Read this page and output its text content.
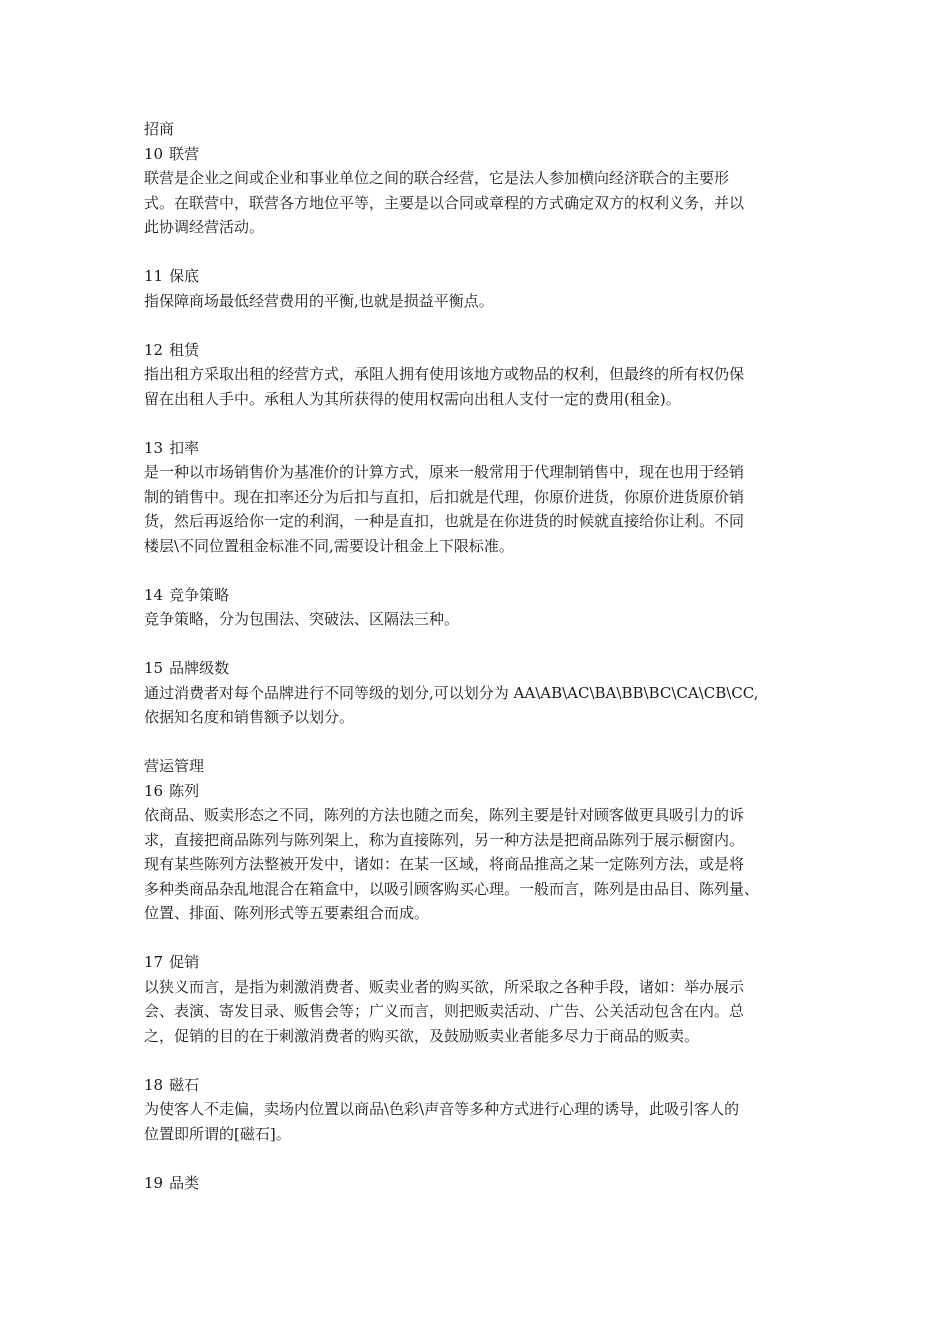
招商
10 联营
联营是企业之间或企业和事业单位之间的联合经营，它是法人参加横向经济联合的主要形
式。在联营中，联营各方地位平等，主要是以合同或章程的方式确定双方的权利义务，并以
此协调经营活动。
11 保底
指保障商场最低经营费用的平衡,也就是损益平衡点。
12 租赁
指出租方采取出租的经营方式，承阻人拥有使用该地方或物品的权利，但最终的所有权仍保
留在出租人手中。承租人为其所获得的使用权需向出租人支付一定的费用(租金)。
13 扣率
是一种以市场销售价为基准价的计算方式，原来一般常用于代理制销售中，现在也用于经销
制的销售中。现在扣率还分为后扣与直扣，后扣就是代理，你原价进货，你原价进货原价销
货，然后再返给你一定的利润，一种是直扣，也就是在你进货的时候就直接给你让利。不同
楼层\不同位置租金标准不同,需要设计租金上下限标准。
14 竞争策略
竞争策略，分为包围法、突破法、区隔法三种。
15 品牌级数
通过消费者对每个品牌进行不同等级的划分,可以划分为 AA\AB\AC\BA\BB\BC\CA\CB\CC,
依据知名度和销售额予以划分。
营运管理
16 陈列
依商品、贩卖形态之不同，陈列的方法也随之而矣，陈列主要是针对顾客做更具吸引力的诉
求，直接把商品陈列与陈列架上，称为直接陈列，另一种方法是把商品陈列于展示橱窗内。
现有某些陈列方法整被开发中，诸如：在某一区域，将商品推高之某一定陈列方法，或是将
多种类商品杂乱地混合在箱盒中，以吸引顾客购买心理。一般而言，陈列是由品目、陈列量、
位置、排面、陈列形式等五要素组合而成。
17 促销
以狭义而言，是指为刺激消费者、贩卖业者的购买欲，所采取之各种手段，诸如：举办展示
会、表演、寄发目录、贩售会等；广义而言，则把贩卖活动、广告、公关活动包含在内。总
之，促销的目的在于刺激消费者的购买欲，及鼓励贩卖业者能多尽力于商品的贩卖。
18 磁石
为使客人不走偏，卖场内位置以商品\色彩\声音等多种方式进行心理的诱导，此吸引客人的
位置即所谓的[磁石]。
19 品类
